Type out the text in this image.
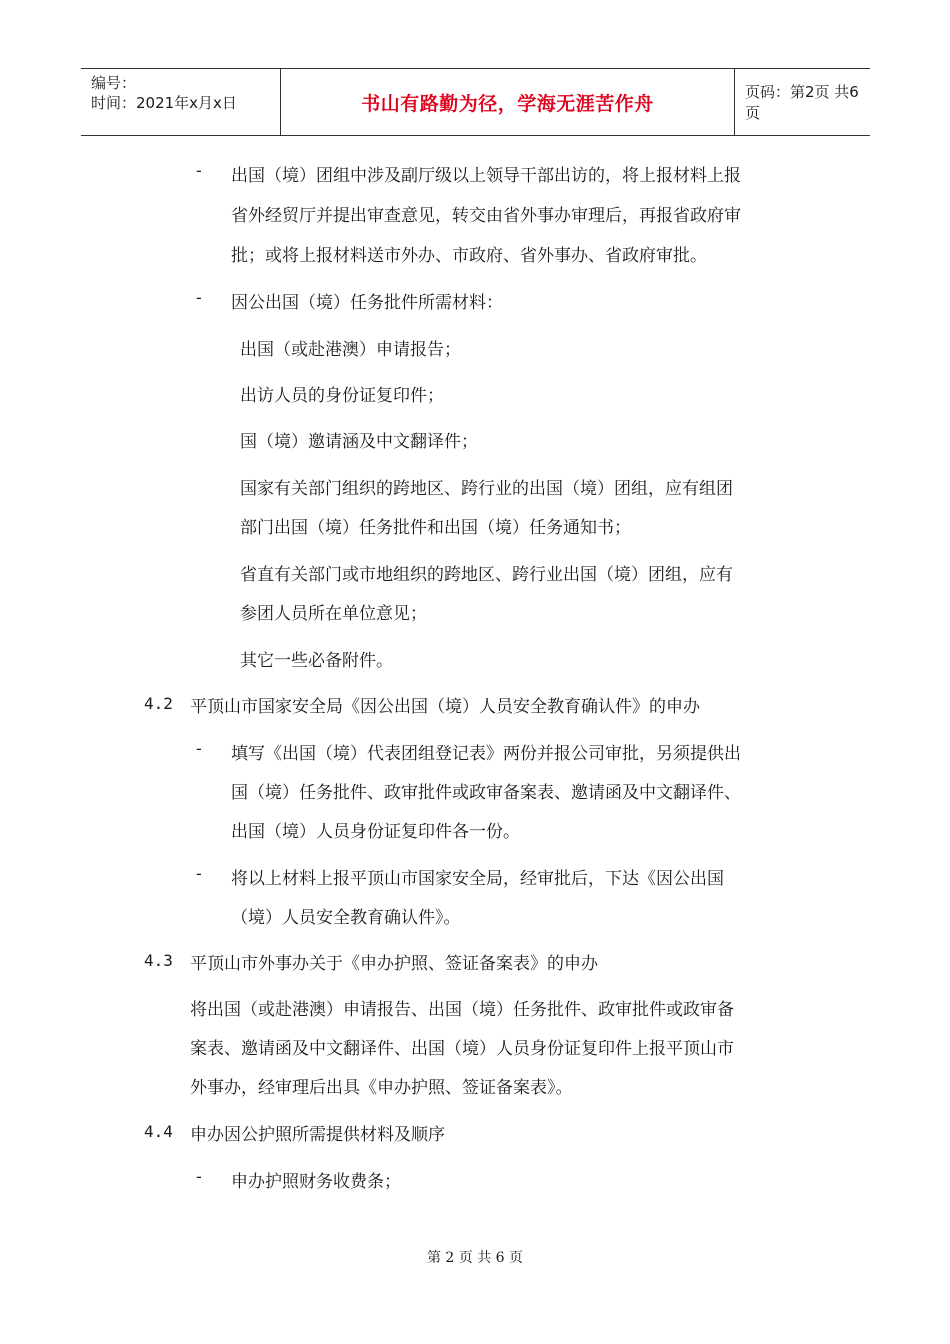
编号：
时间：2021年x月x日	书山有路勤为径，学海无涯苦作舟
页码：第2页 共6页
- 出国（境）团组中涉及副厅级以上领导干部出访的，将上报材料上报
省外经贸厅并提出审查意见，转交由省外事办审理后，再报省政府审
批；或将上报材料送市外办、市政府、省外事办、省政府审批。
- 因公出国（境）任务批件所需材料：
出国（或赴港澳）申请报告；
出访人员的身份证复印件；
国（境）邀请涵及中文翻译件；
国家有关部门组织的跨地区、跨行业的出国（境）团组，应有组团
部门出国（境）任务批件和出国（境）任务通知书；
省直有关部门或市地组织的跨地区、跨行业出国（境）团组，应有
参团人员所在单位意见；
其它一些必备附件。
4.2 平顶山市国家安全局《因公出国（境）人员安全教育确认件》的申办
- 填写《出国（境）代表团组登记表》两份并报公司审批，另须提供出
国（境）任务批件、政审批件或政审备案表、邀请函及中文翻译件、
出国（境）人员身份证复印件各一份。
- 将以上材料上报平顶山市国家安全局，经审批后，下达《因公出国
（境）人员安全教育确认件》。
4.3 平顶山市外事办关于《申办护照、签证备案表》的申办
将出国（或赴港澳）申请报告、出国（境）任务批件、政审批件或政审备
案表、邀请函及中文翻译件、出国（境）人员身份证复印件上报平顶山市
外事办，经审理后出具《申办护照、签证备案表》。
4.4 申办因公护照所需提供材料及顺序
- 申办护照财务收费条；
第 2 页 共 6 页
